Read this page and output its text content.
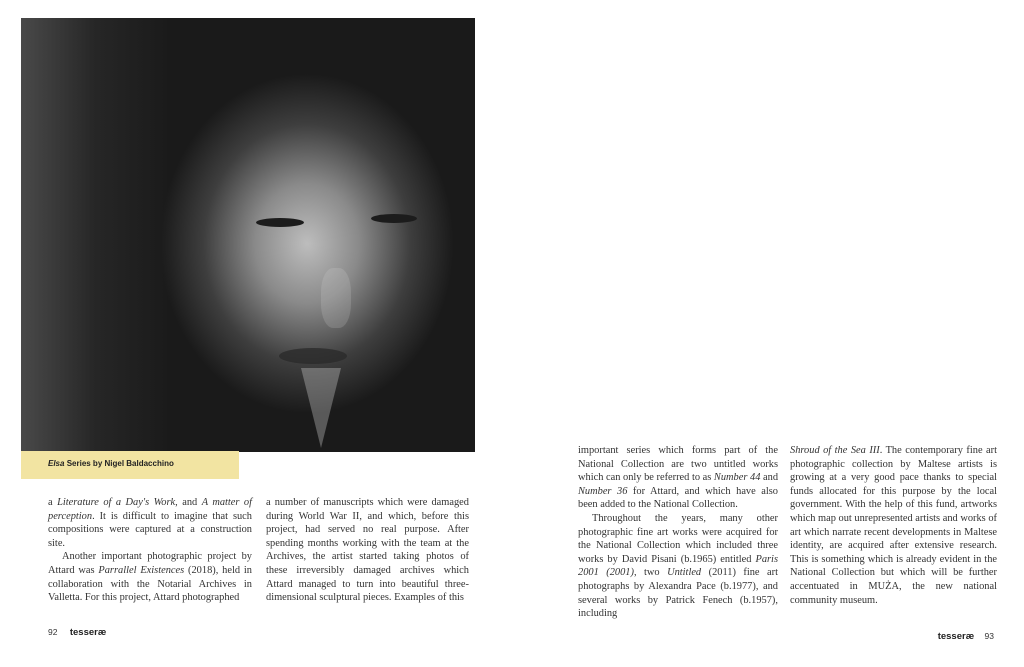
Elsa Series by Nigel Baldacchino

a Literature of a Day's Work, and A matter of perception. It is difficult to imagine that such compositions were captured at a construction site.

Another important photographic project by Attard was Parrallel Existences (2018), held in collaboration with the Notarial Archives in Valletta. For this project, Attard photographed

a number of manuscripts which were damaged during World War II, and which, before this project, had served no real purpose. After spending months working with the team at the Archives, the artist started taking photos of these irreversibly damaged archives which Attard managed to turn into beautiful three-dimensional sculptural pieces. Examples of this

important series which forms part of the National Collection are two untitled works which can only be referred to as Number 44 and Number 36 for Attard, and which have also been added to the National Collection.

Throughout the years, many other photographic fine art works were acquired for the National Collection which included three works by David Pisani (b.1965) entitled Paris 2001 (2001), two Untitled (2011) fine art photographs by Alexandra Pace (b.1977), and several works by Patrick Fenech (b.1957), including

Shroud of the Sea III. The contemporary fine art photographic collection by Maltese artists is growing at a very good pace thanks to special funds allocated for this purpose by the local government. With the help of this fund, artworks which map out unrepresented artists and works of art which narrate recent developments in Maltese identity, are acquired after extensive research. This is something which is already evident in the National Collection but which will be further accentuated in MUŻA, the new national community museum.

92 tesseræ	tesseræ 93
